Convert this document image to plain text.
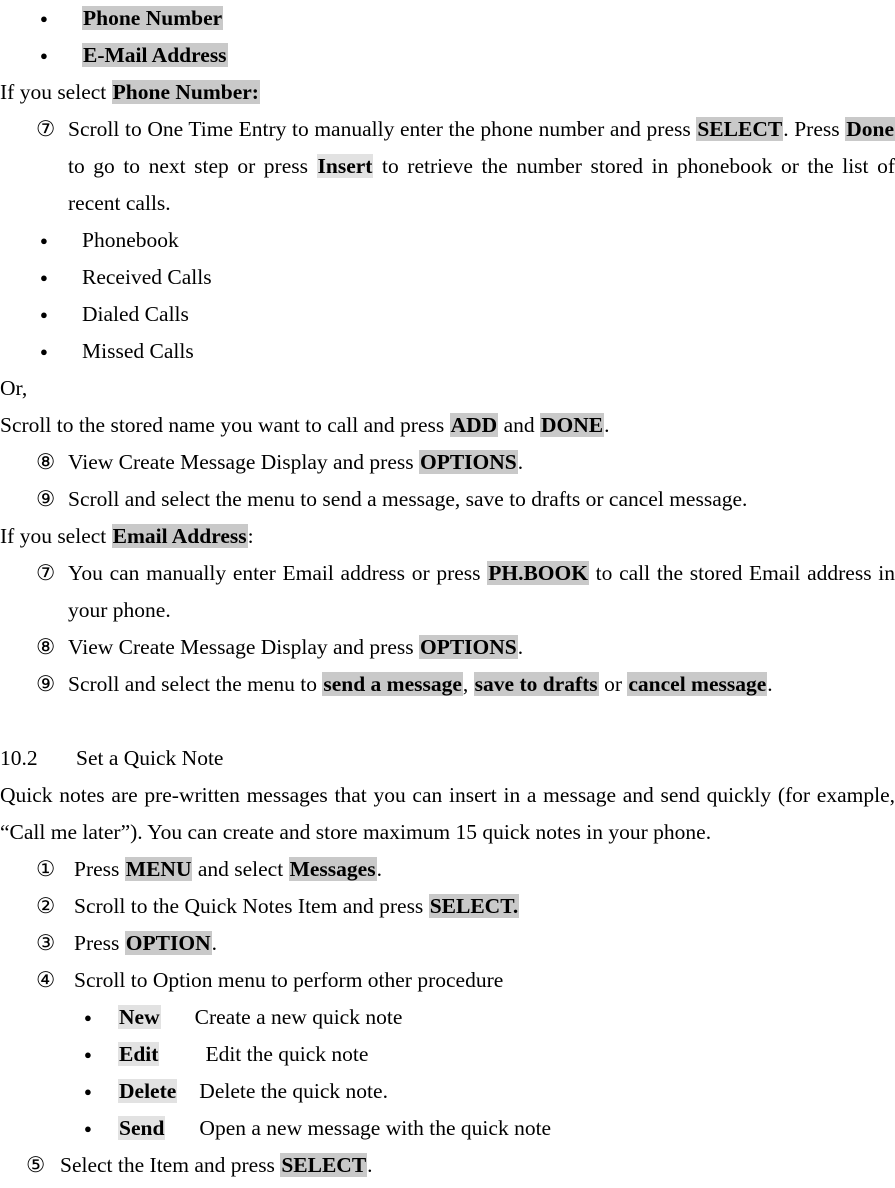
● Phone Number
● E-Mail Address

If you select Phone Number:

⑦ Scroll to One Time Entry to manually enter the phone number and press SELECT. Press Done to go to next step or press Insert to retrieve the number stored in phonebook or the list of recent calls.
● Phonebook
● Received Calls
● Dialed Calls
● Missed Calls

Or,

Scroll to the stored name you want to call and press ADD and DONE.

⑧ View Create Message Display and press OPTIONS.
⑨ Scroll and select the menu to send a message, save to drafts or cancel message.

If you select Email Address:

⑦ You can manually enter Email address or press PH.BOOK to call the stored Email address in your phone.
⑧ View Create Message Display and press OPTIONS.
⑨ Scroll and select the menu to send a message, save to drafts or cancel message.
10.2 Set a Quick Note

Quick notes are pre-written messages that you can insert in a message and send quickly (for example, “Call me later”). You can create and store maximum 15 quick notes in your phone.

① Press MENU and select Messages.
② Scroll to the Quick Notes Item and press SELECT.
③ Press OPTION.
④ Scroll to Option menu to perform other procedure
● New Create a new quick note
● Edit Edit the quick note
● Delete Delete the quick note.
● Send Open a new message with the quick note
⑤ Select the Item and press SELECT.
